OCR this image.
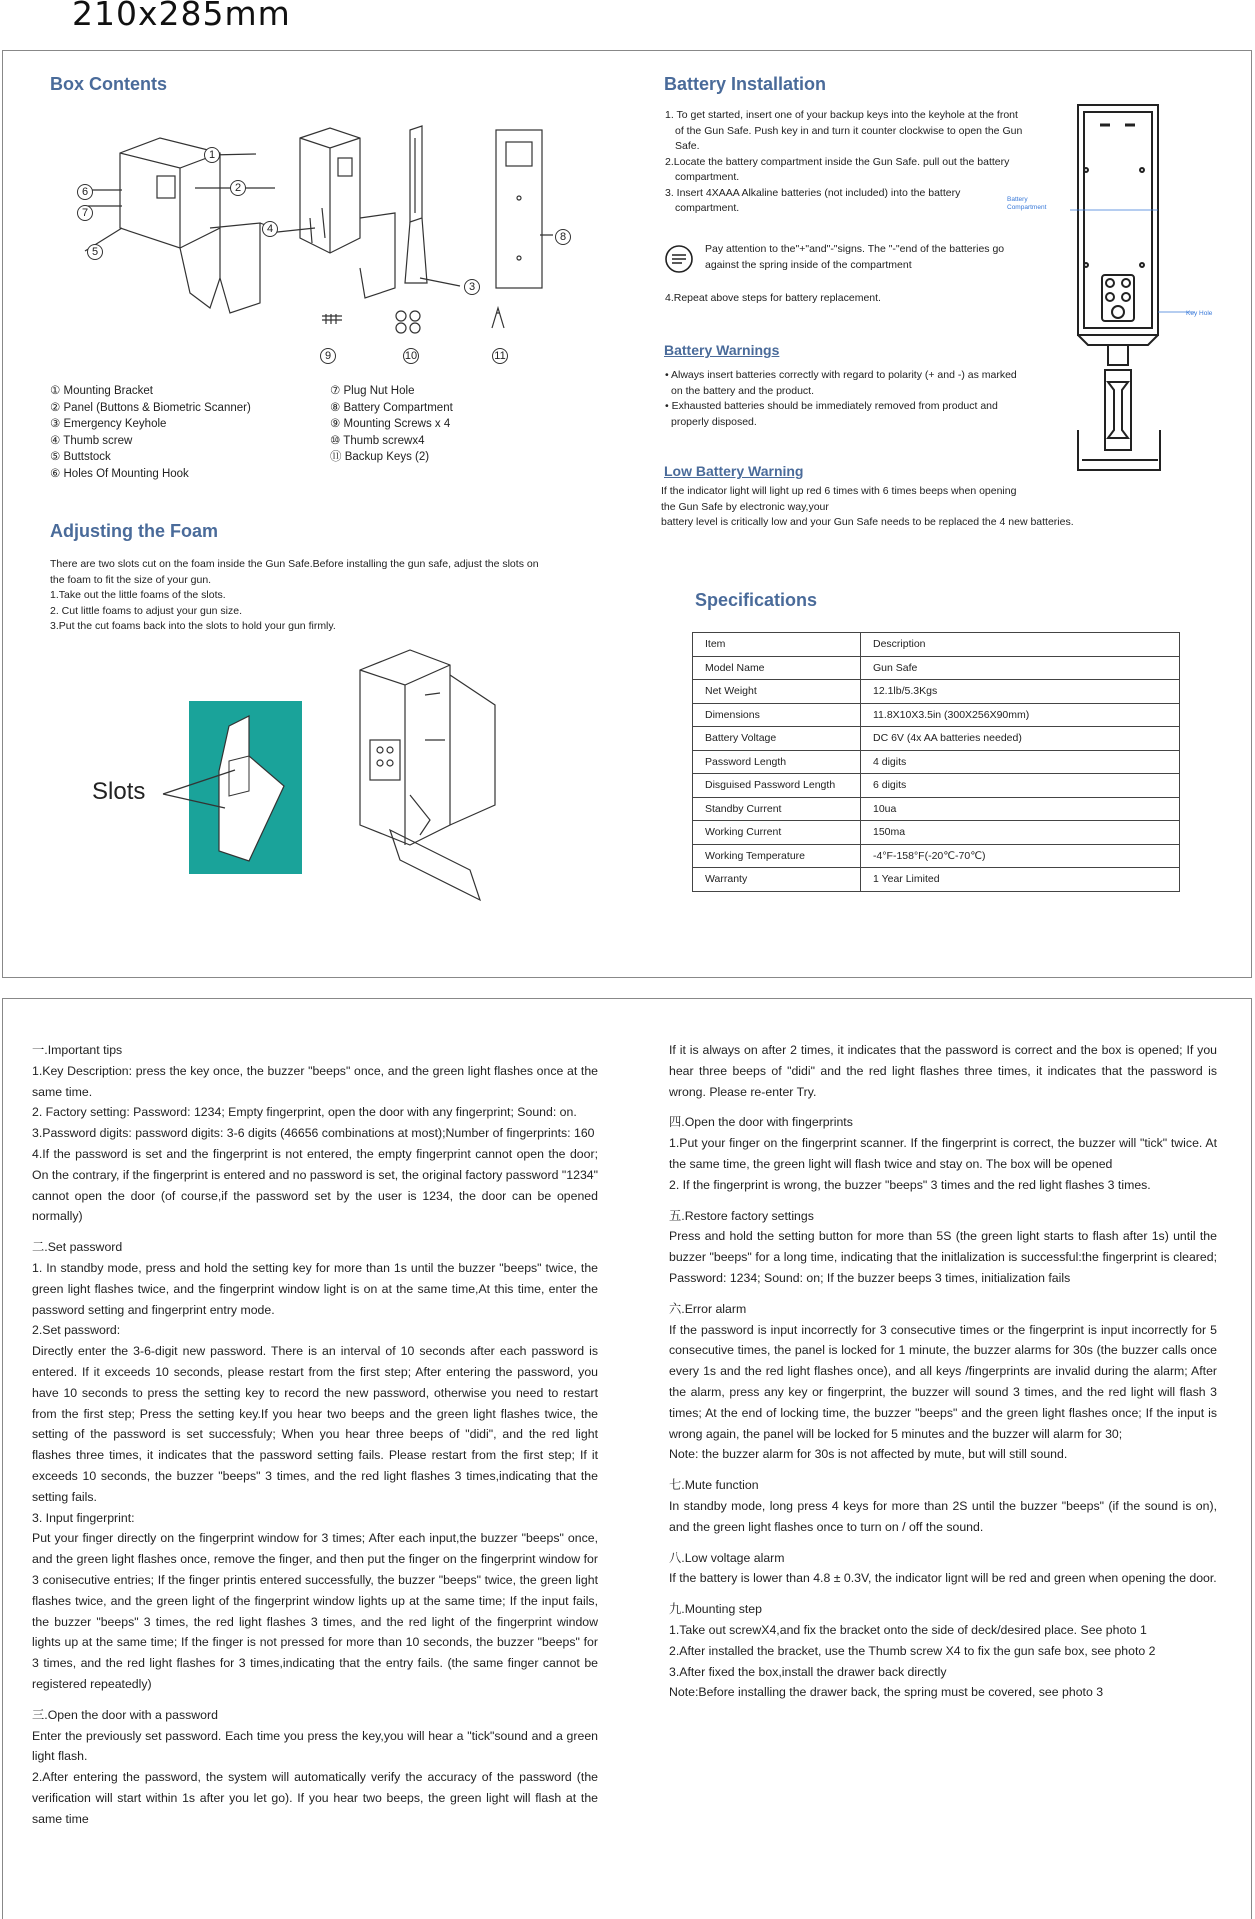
210x285mm
Box Contents
1
2
3
4
5
6
7
8
9	10	11
① Mounting Bracket
② Panel (Buttons & Biometric Scanner)
③ Emergency Keyhole
④ Thumb screw
⑤ Buttstock
⑥ Holes Of Mounting Hook
⑦ Plug Nut Hole
⑧ Battery Compartment
⑨ Mounting Screws x 4
⑩ Thumb screwx4
⑪ Backup Keys (2)
Adjusting the Foam

There are two slots cut on the foam inside the Gun Safe.Before installing the gun safe, adjust the slots on

the foam to fit the size of your gun.

1.Take out the little foams of the slots.

2. Cut little foams to adjust your gun size.

3.Put the cut foams back into the slots to hold your gun firmly.

Slots
Battery Installation

1. To get started, insert one of your backup keys into the keyhole at the front

of the Gun Safe. Push key in and turn it counter clockwise to open the Gun

Safe.

2.Locate the battery compartment inside the Gun Safe. pull out the battery

compartment.

3. Insert 4XAAA Alkaline batteries (not included) into the battery

compartment.

Pay attention to the"+"and"-"signs. The "-"end of the batteries go

against the spring inside of the compartment

4.Repeat above steps for battery replacement.
Battery
Compartment
Key Hole
Battery Warnings

• Always insert batteries correctly with regard to polarity (+ and -) as marked

on the battery and the product.

• Exhausted batteries should be immediately removed from product and

properly disposed.

Low Battery Warning

If the indicator light will light up red 6 times with 6 times beeps when opening

the Gun Safe by electronic way,your

battery level is critically low and your Gun Safe needs to be replaced the 4 new batteries.

Specifications
Item	Description
Model Name	Gun Safe
Net Weight	12.1lb/5.3Kgs
Dimensions	11.8X10X3.5in (300X256X90mm)
Battery Voltage	DC 6V (4x AA batteries needed)
Password Length	4 digits
Disguised Password Length	6 digits
Standby Current	10ua
Working Current	150ma
Working Temperature	-4°F-158°F(-20℃-70℃)
Warranty	1 Year Limited

一.Important tips

1.Key Description: press the key once, the buzzer "beeps" once, and the green light flashes once at the same time.
2. Factory setting: Password: 1234; Empty fingerprint, open the door with any fingerprint; Sound: on.
3.Password digits: password digits: 3-6 digits (46656 combinations at most);Number of fingerprints: 160
4.If the password is set and the fingerprint is not entered, the empty fingerprint cannot open the door; On the contrary, if the fingerprint is entered and no password is set, the original factory password "1234" cannot open the door (of course,if the password set by the user is 1234, the door can be opened normally)

二.Set password

1. In standby mode, press and hold the setting key for more than 1s until the buzzer "beeps" twice, the green light flashes twice, and the fingerprint window light is on at the same time,At this time, enter the password setting and fingerprint entry mode.
2.Set password:
Directly enter the 3-6-digit new password. There is an interval of 10 seconds after each password is entered. If it exceeds 10 seconds, please restart from the first step; After entering the password, you have 10 seconds to press the setting key to record the new password, otherwise you need to restart from the first step; Press the setting key.If you hear two beeps and the green light flashes twice, the setting of the password is set successfuly; When you hear three beeps of "didi", and the red light flashes three times, it indicates that the password setting fails. Please restart from the first step; If it exceeds 10 seconds, the buzzer "beeps" 3 times, and the red light flashes 3 times,indicating that the setting fails.
3. Input fingerprint:
Put your finger directly on the fingerprint window for 3 times; After each input,the buzzer "beeps" once, and the green light flashes once, remove the finger, and then put the finger on the fingerprint window for 3 conisecutive entries; If the finger printis entered successfully, the buzzer "beeps" twice, the green light flashes twice, and the green light of the fingerprint window lights up at the same time; If the input fails, the buzzer "beeps" 3 times, the red light flashes 3 times, and the red light of the fingerprint window lights up at the same time; If the finger is not pressed for more than 10 seconds, the buzzer "beeps" for 3 times, and the red light flashes for 3 times,indicating that the entry fails. (the same finger cannot be registered repeatedly)

三.Open the door with a password

Enter the previously set password. Each time you press the key,you will hear a "tick"sound and a green light flash.
2.After entering the password, the system will automatically verify the accuracy of the password (the verification will start within 1s after you let go). If you hear two beeps, the green light will flash at the same time

If it is always on after 2 times, it indicates that the password is correct and the box is opened; If you hear three beeps of "didi" and the red light flashes three times, it indicates that the password is wrong. Please re-enter Try.

四.Open the door with fingerprints

1.Put your finger on the fingerprint scanner. If the fingerprint is correct, the buzzer will "tick" twice. At the same time, the green light will flash twice and stay on. The box will be opened
2. If the fingerprint is wrong, the buzzer "beeps" 3 times and the red light flashes 3 times.

五.Restore factory settings

Press and hold the setting button for more than 5S (the green light starts to flash after 1s) until the buzzer "beeps" for a long time, indicating that the initlalization is successful:the fingerprint is cleared; Password: 1234; Sound: on; If the buzzer beeps 3 times, initialization fails

六.Error alarm

If the password is input incorrectly for 3 consecutive times or the fingerprint is input incorrectly for 5 consecutive times, the panel is locked for 1 minute, the buzzer alarms for 30s (the buzzer calls once every 1s and the red light flashes once), and all keys /fingerprints are invalid during the alarm; After the alarm, press any key or fingerprint, the buzzer will sound 3 times, and the red light will flash 3 times; At the end of locking time, the buzzer "beeps" and the green light flashes once; If the input is wrong again, the panel will be locked for 5 minutes and the buzzer will alarm for 30;
Note: the buzzer alarm for 30s is not affected by mute, but will still sound.

七.Mute function

In standby mode, long press 4 keys for more than 2S until the buzzer "beeps" (if the sound is on), and the green light flashes once to turn on / off the sound.

八.Low voltage alarm

If the battery is lower than 4.8 ± 0.3V, the indicator lignt will be red and green when opening the door.

九.Mounting step

1.Take out screwX4,and fix the bracket onto the side of deck/desired place. See photo 1
2.After installed the bracket, use the Thumb screw X4 to fix the gun safe box, see photo 2
3.After fixed the box,install the drawer back directly
Note:Before installing the drawer back, the spring must be covered, see photo 3
